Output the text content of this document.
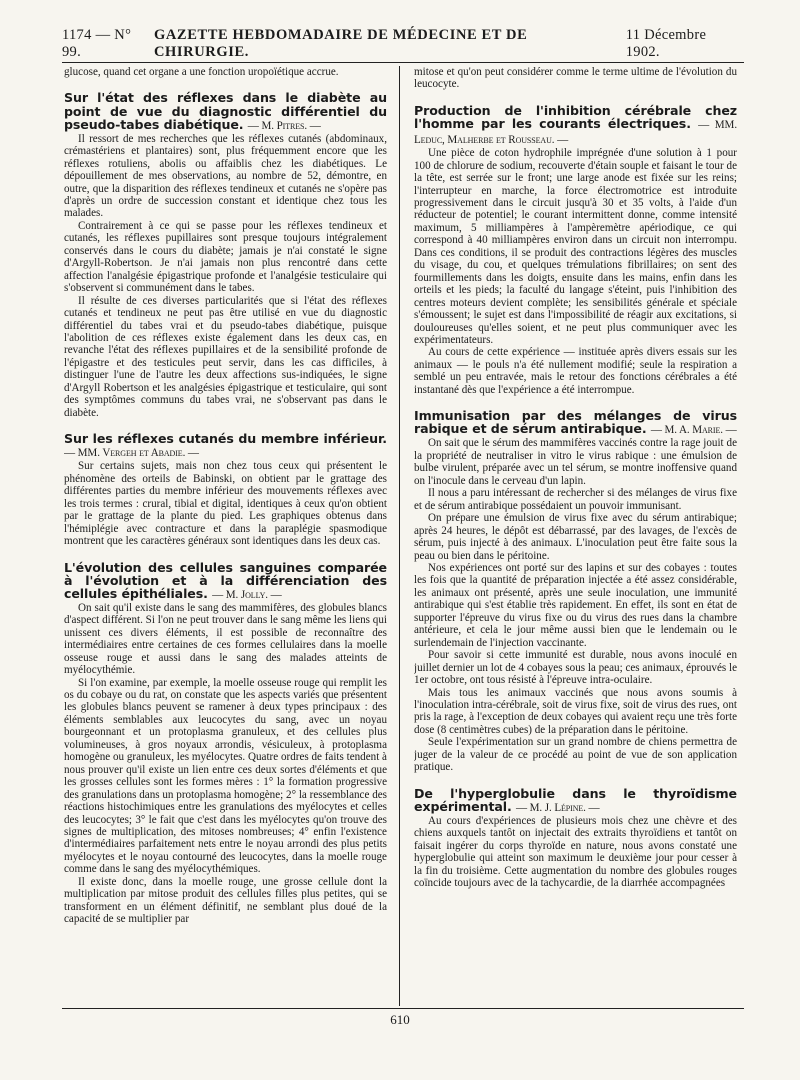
1174 — N° 99.
GAZETTE HEBDOMADAIRE DE MÉDECINE ET DE CHIRURGIE.
11 Décembre 1902.

glucose, quand cet organe a une fonction uropoïétique accrue.

Sur l'état des réflexes dans le diabète au point de vue du diagnostic différentiel du pseudo-tabes diabétique. — M. Pitres. —

Il ressort de mes recherches que les réflexes cutanés (abdominaux, crémastériens et plantaires) sont, plus fréquemment encore que les réflexes rotuliens, abolis ou affaiblis chez les diabétiques. Le dépouillement de mes observations, au nombre de 52, démontre, en outre, que la disparition des réflexes tendineux et cutanés ne s'opère pas d'après un ordre de succession constant et identique chez tous les malades.

Contrairement à ce qui se passe pour les réflexes tendineux et cutanés, les réflexes pupillaires sont presque toujours intégralement conservés dans le cours du diabète; jamais je n'ai constaté le signe d'Argyll-Robertson. Je n'ai jamais non plus rencontré dans cette affection l'analgésie épigastrique profonde et l'analgésie testiculaire qui s'observent si communément dans le tabes.

Il résulte de ces diverses particularités que si l'état des réflexes cutanés et tendineux ne peut pas être utilisé en vue du diagnostic différentiel du tabes vrai et du pseudo-tabes diabétique, puisque l'abolition de ces réflexes existe également dans les deux cas, en revanche l'état des réflexes pupillaires et de la sensibilité profonde de l'épigastre et des testicules peut servir, dans les cas difficiles, à distinguer l'une de l'autre les deux affections sus-indiquées, le signe d'Argyll Robertson et les analgésies épigastrique et testiculaire, qui sont des symptômes communs du tabes vrai, ne s'observant pas dans le diabète.

Sur les réflexes cutanés du membre inférieur. — MM. Vergeh et Abadie. —

Sur certains sujets, mais non chez tous ceux qui présentent le phénomène des orteils de Babinski, on obtient par le grattage des différentes parties du membre inférieur des mouvements réflexes avec les trois termes : crural, tibial et digital, identiques à ceux qu'on obtient par le grattage de la plante du pied. Les graphiques obtenus dans l'hémiplégie avec contracture et dans la paraplégie spasmodique montrent que les caractères généraux sont identiques dans les deux cas.

L'évolution des cellules sanguines comparée à l'évolution et à la différenciation des cellules épithéliales. — M. Jolly. —

On sait qu'il existe dans le sang des mammifères, des globules blancs d'aspect différent. Si l'on ne peut trouver dans le sang même les liens qui unissent ces divers éléments, il est possible de reconnaître des intermédiaires entre certaines de ces formes cellulaires dans la moelle osseuse rouge et aussi dans le sang des malades atteints de myélocythémie.

Si l'on examine, par exemple, la moelle osseuse rouge qui remplit les os du cobaye ou du rat, on constate que les aspects variés que présentent les globules blancs peuvent se ramener à deux types principaux : des éléments semblables aux leucocytes du sang, avec un noyau bourgeonnant et un protoplasma granuleux, et des cellules plus volumineuses, à gros noyaux arrondis, vésiculeux, à protoplasma homogène ou granuleux, les myélocytes. Quatre ordres de faits tendent à nous prouver qu'il existe un lien entre ces deux sortes d'éléments et que les grosses cellules sont les formes mères : 1° la formation progressive des granulations dans un protoplasma homogène; 2° la ressemblance des réactions histochimiques entre les granulations des myélocytes et celles des leucocytes; 3° le fait que c'est dans les myélocytes qu'on trouve des signes de multiplication, des mitoses nombreuses; 4° enfin l'existence d'intermédiaires parfaitement nets entre le noyau arrondi des plus petits myélocytes et le noyau contourné des leucocytes, dans la moelle rouge comme dans le sang des myélocythémiques.

Il existe donc, dans la moelle rouge, une grosse cellule dont la multiplication par mitose produit des cellules filles plus petites, qui se transforment en un élément définitif, ne semblant plus doué de la capacité de se multiplier par

mitose et qu'on peut considérer comme le terme ultime de l'évolution du leucocyte.

Production de l'inhibition cérébrale chez l'homme par les courants électriques. — MM. Leduc, Malherbe et Rousseau. —

Une pièce de coton hydrophile imprégnée d'une solution à 1 pour 100 de chlorure de sodium, recouverte d'étain souple et faisant le tour de la tête, est serrée sur le front; une large anode est fixée sur les reins; l'interrupteur en marche, la force électromotrice est introduite progressivement dans le circuit jusqu'à 30 et 35 volts, à l'aide d'un réducteur de potentiel; le courant intermittent donne, comme intensité maximum, 5 milliampères à l'ampèremètre apériodique, ce qui correspond à 40 milliampères environ dans un circuit non interrompu. Dans ces conditions, il se produit des contractions légères des muscles du visage, du cou, et quelques trémulations fibrillaires; on sent des fourmillements dans les doigts, ensuite dans les mains, enfin dans les orteils et les pieds; la faculté du langage s'éteint, puis l'inhibition des centres moteurs devient complète; les sensibilités générale et spéciale s'émoussent; le sujet est dans l'impossibilité de réagir aux excitations, si douloureuses qu'elles soient, et ne peut plus communiquer avec les expérimentateurs.

Au cours de cette expérience — instituée après divers essais sur les animaux — le pouls n'a été nullement modifié; seule la respiration a semblé un peu entravée, mais le retour des fonctions cérébrales a été instantané dès que l'expérience a été interrompue.

Immunisation par des mélanges de virus rabique et de sérum antirabique. — M. A. Marie. —

On sait que le sérum des mammifères vaccinés contre la rage jouit de la propriété de neutraliser in vitro le virus rabique : une émulsion de bulbe virulent, préparée avec un tel sérum, se montre inoffensive quand on l'inocule dans le cerveau d'un lapin.

Il nous a paru intéressant de rechercher si des mélanges de virus fixe et de sérum antirabique possédaient un pouvoir immunisant.

On prépare une émulsion de virus fixe avec du sérum antirabique; après 24 heures, le dépôt est débarrassé, par des lavages, de l'excès de sérum, puis injecté à des animaux. L'inoculation peut être faite sous la peau ou bien dans le péritoine.

Nos expériences ont porté sur des lapins et sur des cobayes : toutes les fois que la quantité de préparation injectée a été assez considérable, les animaux ont présenté, après une seule inoculation, une immunité antirabique qui s'est établie très rapidement. En effet, ils sont en état de supporter l'épreuve du virus fixe ou du virus des rues dans la chambre antérieure, et cela le jour même aussi bien que le lendemain ou le surlendemain de l'injection vaccinante.

Pour savoir si cette immunité est durable, nous avons inoculé en juillet dernier un lot de 4 cobayes sous la peau; ces animaux, éprouvés le 1er octobre, ont tous résisté à l'épreuve intra-oculaire.

Mais tous les animaux vaccinés que nous avons soumis à l'inoculation intra-cérébrale, soit de virus fixe, soit de virus des rues, ont pris la rage, à l'exception de deux cobayes qui avaient reçu une très forte dose (8 centimètres cubes) de la préparation dans le péritoine.

Seule l'expérimentation sur un grand nombre de chiens permettra de juger de la valeur de ce procédé au point de vue de son application pratique.

De l'hyperglobulie dans le thyroïdisme expérimental. — M. J. Lépine. —

Au cours d'expériences de plusieurs mois chez une chèvre et des chiens auxquels tantôt on injectait des extraits thyroïdiens et tantôt on faisait ingérer du corps thyroïde en nature, nous avons constaté une hyperglobulie qui atteint son maximum le deuxième jour pour cesser à la fin du troisième. Cette augmentation du nombre des globules rouges coïncide toujours avec de la tachycardie, de la diarrhée accompagnées

610
